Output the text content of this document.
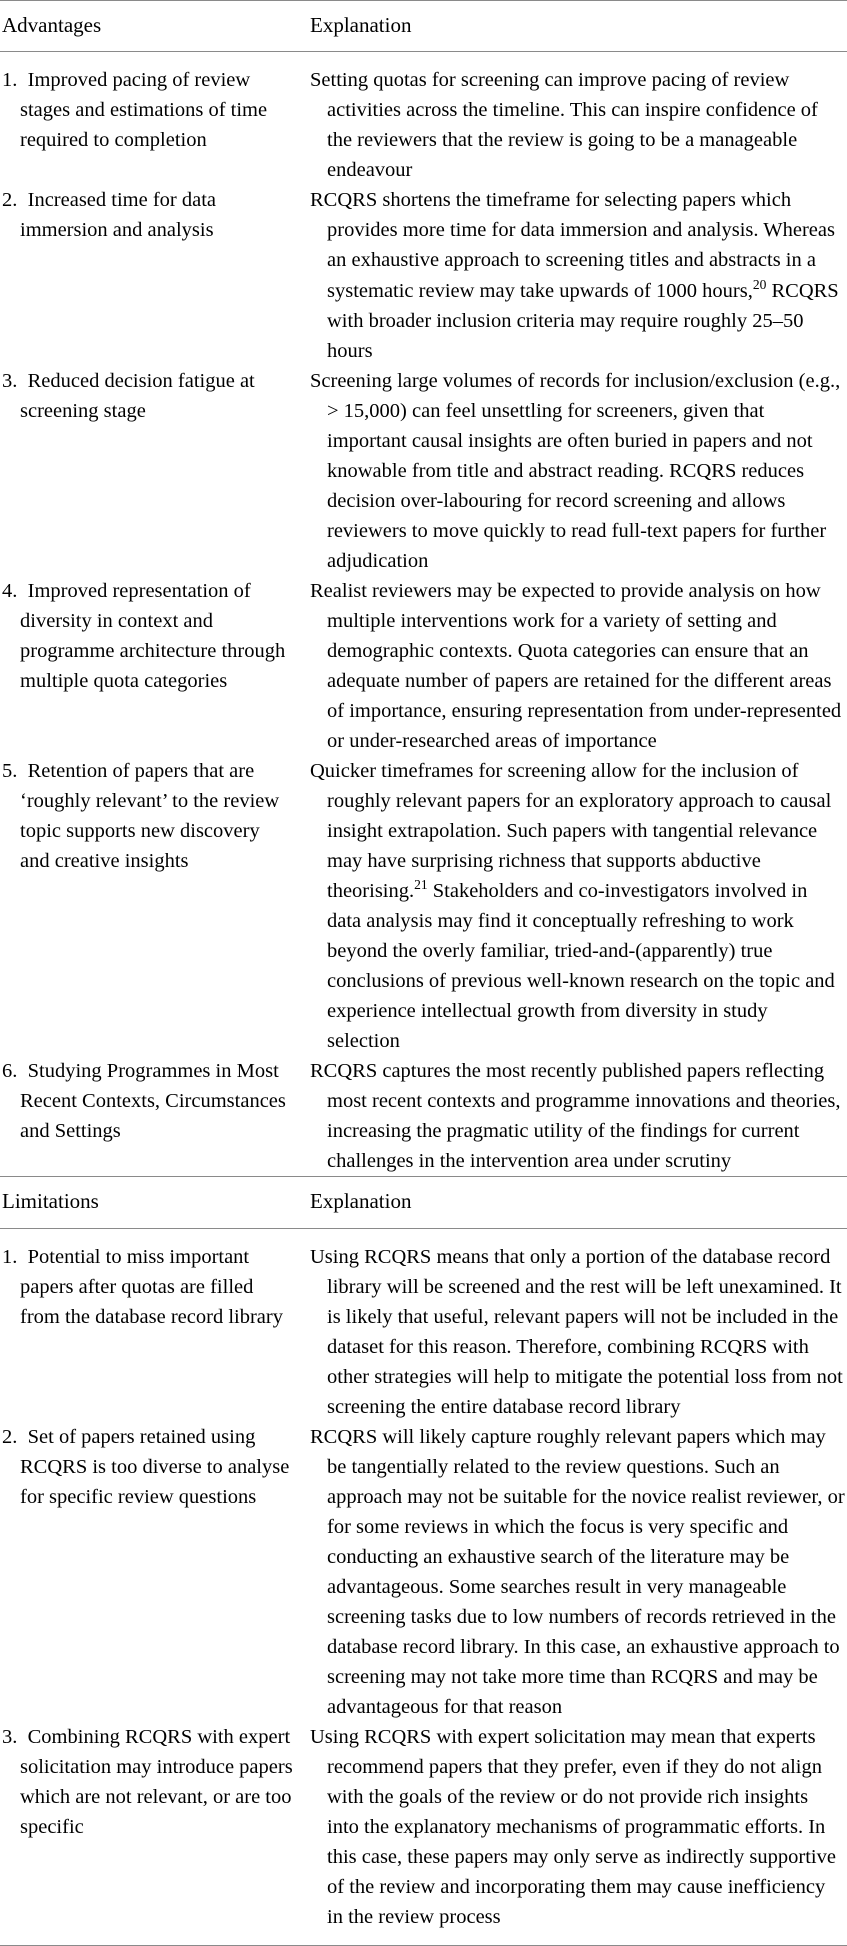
Advantages	Explanation

1.  Improved pacing of review stages and estimations of time required to completion	Setting quotas for screening can improve pacing of review activities across the timeline. This can inspire confidence of the reviewers that the review is going to be a manageable endeavour

2.  Increased time for data immersion and analysis	RCQRS shortens the timeframe for selecting papers which provides more time for data immersion and analysis. Whereas an exhaustive approach to screening titles and abstracts in a systematic review may take upwards of 1000 hours,$^{20}$ RCQRS with broader inclusion criteria may require roughly 25–50 hours

3.  Reduced decision fatigue at screening stage	Screening large volumes of records for inclusion/exclusion (e.g., > 15,000) can feel unsettling for screeners, given that important causal insights are often buried in papers and not knowable from title and abstract reading. RCQRS reduces decision over-labouring for record screening and allows reviewers to move quickly to read full-text papers for further adjudication

4.  Improved representation of diversity in context and programme architecture through multiple quota categories	Realist reviewers may be expected to provide analysis on how multiple interventions work for a variety of setting and demographic contexts. Quota categories can ensure that an adequate number of papers are retained for the different areas of importance, ensuring representation from under-represented or under-researched areas of importance

5.  Retention of papers that are ‘roughly relevant’ to the review topic supports new discovery and creative insights	Quicker timeframes for screening allow for the inclusion of roughly relevant papers for an exploratory approach to causal insight extrapolation. Such papers with tangential relevance may have surprising richness that supports abductive theorising.$^{21}$ Stakeholders and co-investigators involved in data analysis may find it conceptually refreshing to work beyond the overly familiar, tried-and-(apparently) true conclusions of previous well-known research on the topic and experience intellectual growth from diversity in study selection

6.  Studying Programmes in Most Recent Contexts, Circumstances and Settings	RCQRS captures the most recently published papers reflecting most recent contexts and programme innovations and theories, increasing the pragmatic utility of the findings for current challenges in the intervention area under scrutiny

Limitations	Explanation

1.  Potential to miss important papers after quotas are filled from the database record library	Using RCQRS means that only a portion of the database record library will be screened and the rest will be left unexamined. It is likely that useful, relevant papers will not be included in the dataset for this reason. Therefore, combining RCQRS with other strategies will help to mitigate the potential loss from not screening the entire database record library

2.  Set of papers retained using RCQRS is too diverse to analyse for specific review questions	RCQRS will likely capture roughly relevant papers which may be tangentially related to the review questions. Such an approach may not be suitable for the novice realist reviewer, or for some reviews in which the focus is very specific and conducting an exhaustive search of the literature may be advantageous. Some searches result in very manageable screening tasks due to low numbers of records retrieved in the database record library. In this case, an exhaustive approach to screening may not take more time than RCQRS and may be advantageous for that reason

3.  Combining RCQRS with expert solicitation may introduce papers which are not relevant, or are too specific	Using RCQRS with expert solicitation may mean that experts recommend papers that they prefer, even if they do not align with the goals of the review or do not provide rich insights into the explanatory mechanisms of programmatic efforts. In this case, these papers may only serve as indirectly supportive of the review and incorporating them may cause inefficiency in the review process
